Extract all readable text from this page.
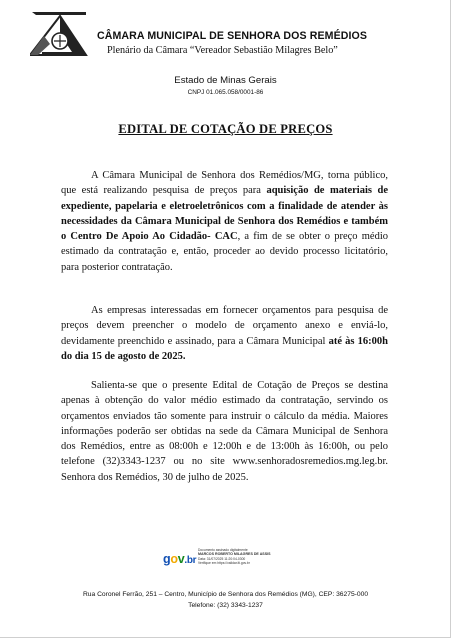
CÂMARA MUNICIPAL DE SENHORA DOS REMÉDIOS
Plenário da Câmara “Vereador Sebastião Milagres Belo”
Estado de Minas Gerais
CNPJ 01.065.058/0001-86
EDITAL DE COTAÇÃO DE PREÇOS

A Câmara Municipal de Senhora dos Remédios/MG, torna público, que está realizando pesquisa de preços para aquisição de materiais de expediente, papelaria e eletroeletrônicos com a finalidade de atender às necessidades da Câmara Municipal de Senhora dos Remédios e também o Centro De Apoio Ao Cidadão- CAC, a fim de se obter o preço médio estimado da contratação e, então, proceder ao devido processo licitatório, para posterior contratação.

As empresas interessadas em fornecer orçamentos para pesquisa de preços devem preencher o modelo de orçamento anexo e enviá-lo, devidamente preenchido e assinado, para a Câmara Municipal até às 16:00h do dia 15 de agosto de 2025.

Salienta-se que o presente Edital de Cotação de Preços se destina apenas à obtenção do valor médio estimado da contratação, servindo os orçamentos enviados tão somente para instruir o cálculo da média. Maiores informações poderão ser obtidas na sede da Câmara Municipal de Senhora dos Remédios, entre as 08:00h e 12:00h e de 13:00h às 16:00h, ou pelo telefone (32)3343-1237 ou no site www.senhoradosremedios.mg.leg.br. Senhora dos Remédios, 30 de julho de 2025.

gov.br
Documento assinado digitalmente
MARCOS ROBERTO MILAGRES DE ASSIS
Data: 31/07/2025 11:20:04-0300
Verifique em https://validar.iti.gov.br
Rua Coronel Ferrão, 251 – Centro, Município de Senhora dos Remédios (MG), CEP: 36275-000
Telefone: (32) 3343-1237
